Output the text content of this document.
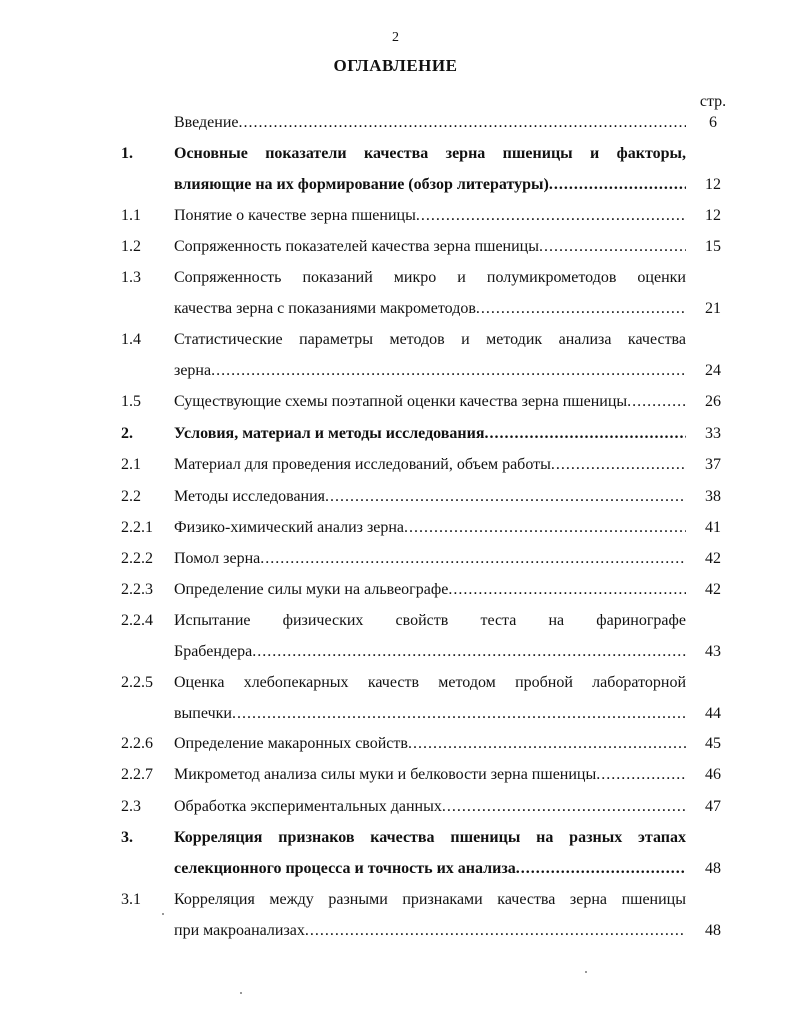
2
ОГЛАВЛЕНИЕ
стр.
Введение .....	6
1.	Основные показатели качества зерна пшеницы и факторы,
влияющие на их формирование (обзор литературы) .....	12
1.1 Понятие о качестве зерна пшеницы .....	12
1.2 Сопряженность показателей качества зерна пшеницы .....	15
1.3 Сопряженность показаний микро и полумикрометодов оценки
качества зерна с показаниями макрометодов .....	21
1.4 Статистические параметры методов и методик анализа качества
зерна .....	24
1.5 Существующие схемы поэтапной оценки качества зерна пшеницы .....	26
2.	Условия, материал и методы исследования .....	33
2.1 Материал для проведения исследований, объем работы .....	37
2.2 Методы исследования .....	38
2.2.1 Физико-химический анализ зерна .....	41
2.2.2 Помол зерна .....	42
2.2.3 Определение силы муки на альвеографе .....	42
2.2.4 Испытание физических свойств теста на фаринографе
Брабендера .....	43
2.2.5 Оценка хлебопекарных качеств методом пробной лабораторной
выпечки .....	44
2.2.6 Определение макаронных свойств .....	45
2.2.7 Микрометод анализа силы муки и белковости зерна пшеницы .....	46
2.3 Обработка экспериментальных данных .....	47
3.	Корреляция признаков качества пшеницы на разных этапах
селекционного процесса и точность их анализа .....	48
3.1 Корреляция между разными признаками качества зерна пшеницы
при макроанализах .....	48
